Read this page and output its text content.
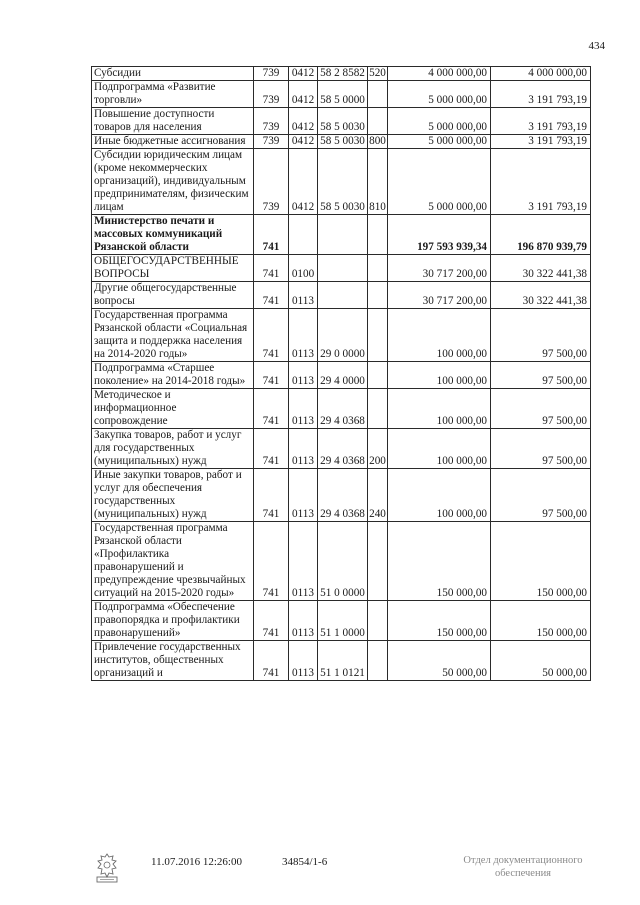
434
Субсидии	739	0412	58 2 8582	520	4 000 000,00	4 000 000,00
Подпрограмма «Развитие торговли»	739	0412	58 5 0000		5 000 000,00	3 191 793,19
Повышение доступности товаров для населения	739	0412	58 5 0030		5 000 000,00	3 191 793,19
Иные бюджетные ассигнования	739	0412	58 5 0030	800	5 000 000,00	3 191 793,19
Субсидии юридическим лицам (кроме некоммерческих организаций), индивидуальным предпринимателям, физическим лицам	739	0412	58 5 0030	810	5 000 000,00	3 191 793,19
Министерство печати и массовых коммуникаций Рязанской области	741				197 593 939,34	196 870 939,79
ОБЩЕГОСУДАРСТВЕННЫЕ ВОПРОСЫ	741	0100			30 717 200,00	30 322 441,38
Другие общегосударственные вопросы	741	0113			30 717 200,00	30 322 441,38
Государственная программа Рязанской области «Социальная защита и поддержка населения на 2014-2020 годы»	741	0113	29 0 0000		100 000,00	97 500,00
Подпрограмма «Старшее поколение» на 2014-2018 годы»	741	0113	29 4 0000		100 000,00	97 500,00
Методическое и информационное сопровождение	741	0113	29 4 0368		100 000,00	97 500,00
Закупка товаров, работ и услуг для государственных (муниципальных) нужд	741	0113	29 4 0368	200	100 000,00	97 500,00
Иные закупки товаров, работ и услуг для обеспечения государственных (муниципальных) нужд	741	0113	29 4 0368	240	100 000,00	97 500,00
Государственная программа Рязанской области «Профилактика правонарушений и предупреждение чрезвычайных ситуаций на 2015-2020 годы»	741	0113	51 0 0000		150 000,00	150 000,00
Подпрограмма «Обеспечение правопорядка и профилактики правонарушений»	741	0113	51 1 0000		150 000,00	150 000,00
Привлечение государственных институтов, общественных организаций и	741	0113	51 1 0121		50 000,00	50 000,00
11.07.2016 12:26:00	34854/1-6	Отдел документационного
обеспечения
